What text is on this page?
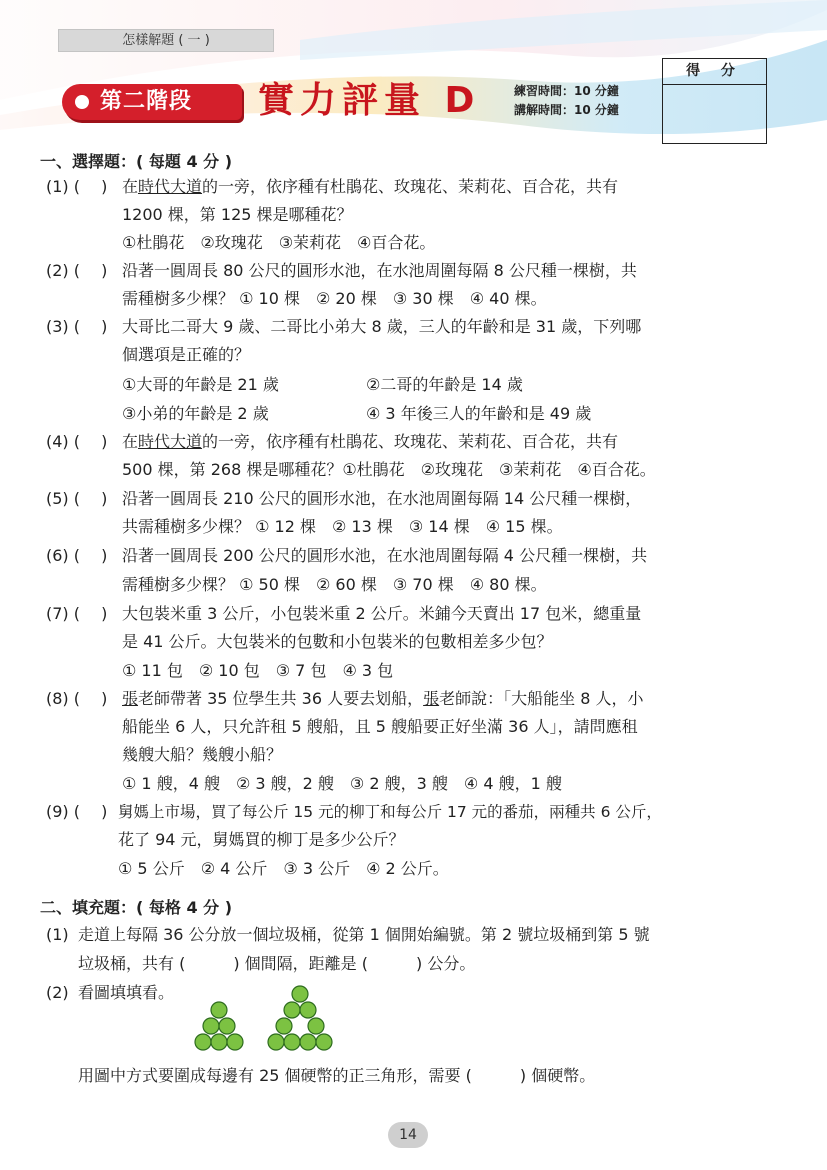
怎樣解題 ( 一 )
第二階段 實力評量 D	練習時間：10 分鐘
講解時間：10 分鐘
得 分
一、選擇題：( 每題 4 分 )
(1) (　 ) 在時代大道的一旁，依序種有杜鵑花、玫瑰花、茉莉花、百合花，共有
1200 棵，第 125 棵是哪種花？
①杜鵑花　②玫瑰花　③茉莉花　④百合花。
(2) (　 ) 沿著一圓周長 80 公尺的圓形水池，在水池周圍每隔 8 公尺種一棵樹，共
需種樹多少棵？ ① 10 棵　② 20 棵　③ 30 棵　④ 40 棵。
(3) (　 ) 大哥比二哥大 9 歲、二哥比小弟大 8 歲，三人的年齡和是 31 歲，下列哪
個選項是正確的？
①大哥的年齡是 21 歲	②二哥的年齡是 14 歲
③小弟的年齡是 2 歲	④ 3 年後三人的年齡和是 49 歲
(4) (　 ) 在時代大道的一旁，依序種有杜鵑花、玫瑰花、茉莉花、百合花，共有
500 棵，第 268 棵是哪種花？①杜鵑花　②玫瑰花　③茉莉花　④百合花。
(5) (　 ) 沿著一圓周長 210 公尺的圓形水池，在水池周圍每隔 14 公尺種一棵樹，
共需種樹多少棵？ ① 12 棵　② 13 棵　③ 14 棵　④ 15 棵。
(6) (　 ) 沿著一圓周長 200 公尺的圓形水池，在水池周圍每隔 4 公尺種一棵樹，共
需種樹多少棵？ ① 50 棵　② 60 棵　③ 70 棵　④ 80 棵。
(7) (　 ) 大包裝米重 3 公斤，小包裝米重 2 公斤。米鋪今天賣出 17 包米，總重量
是 41 公斤。大包裝米的包數和小包裝米的包數相差多少包？
① 11 包　② 10 包　③ 7 包　④ 3 包
(8) (　 ) 張老師帶著 35 位學生共 36 人要去划船，張老師說：「大船能坐 8 人，小
船能坐 6 人，只允許租 5 艘船，且 5 艘船要正好坐滿 36 人」，請問應租
幾艘大船？幾艘小船？
① 1 艘，4 艘　② 3 艘，2 艘　③ 2 艘，3 艘　④ 4 艘，1 艘
(9) (　 ) 舅媽上市場，買了每公斤 15 元的柳丁和每公斤 17 元的番茄，兩種共 6 公斤，
花了 94 元，舅媽買的柳丁是多少公斤？
① 5 公斤　② 4 公斤　③ 3 公斤　④ 2 公斤。
二、填充題：( 每格 4 分 )
(1) 走道上每隔 36 公分放一個垃圾桶，從第 1 個開始編號。第 2 號垃圾桶到第 5 號
垃圾桶，共有 (　　　) 個間隔，距離是 (　　　) 公分。
(2) 看圖填填看。
用圖中方式要圍成每邊有 25 個硬幣的正三角形，需要 (　　　) 個硬幣。
14
